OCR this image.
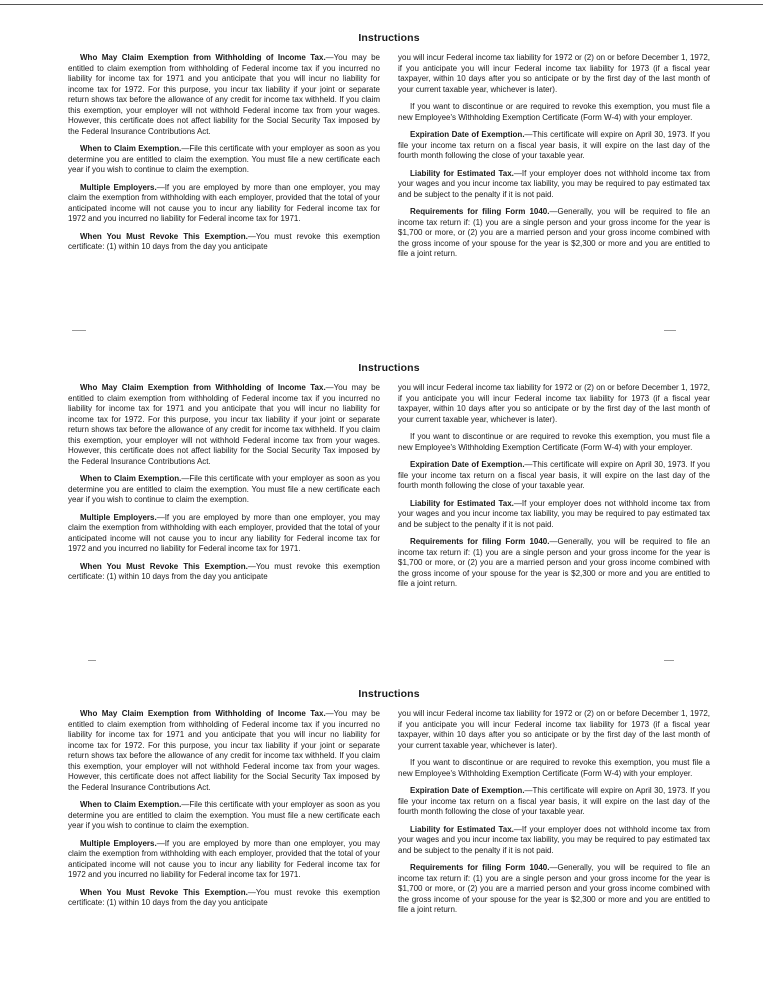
Instructions

Who May Claim Exemption from Withholding of Income Tax.—You may be entitled to claim exemption from withholding of Federal income tax if you incurred no liability for income tax for 1971 and you anticipate that you will incur no liability for income tax for 1972. For this purpose, you incur tax liability if your joint or separate return shows tax before the allowance of any credit for income tax withheld. If you claim this exemption, your employer will not withhold Federal income tax from your wages. However, this certificate does not affect liability for the Social Security Tax imposed by the Federal Insurance Contributions Act.

When to Claim Exemption.—File this certificate with your employer as soon as you determine you are entitled to claim the exemption. You must file a new certificate each year if you wish to continue to claim the exemption.

Multiple Employers.—If you are employed by more than one employer, you may claim the exemption from withholding with each employer, provided that the total of your anticipated income will not cause you to incur any liability for Federal income tax for 1972 and you incurred no liability for Federal income tax for 1971.

When You Must Revoke This Exemption.—You must revoke this exemption certificate: (1) within 10 days from the day you anticipate

you will incur Federal income tax liability for 1972 or (2) on or before December 1, 1972, if you anticipate you will incur Federal income tax liability for 1973 (if a fiscal year taxpayer, within 10 days after you so anticipate or by the first day of the last month of your current taxable year, whichever is later).

If you want to discontinue or are required to revoke this exemption, you must file a new Employee's Withholding Exemption Certificate (Form W-4) with your employer.

Expiration Date of Exemption.—This certificate will expire on April 30, 1973. If you file your income tax return on a fiscal year basis, it will expire on the last day of the fourth month following the close of your taxable year.

Liability for Estimated Tax.—If your employer does not withhold income tax from your wages and you incur income tax liability, you may be required to pay estimated tax and be subject to the penalty if it is not paid.

Requirements for filing Form 1040.—Generally, you will be required to file an income tax return if: (1) you are a single person and your gross income for the year is $1,700 or more, or (2) you are a married person and your gross income combined with the gross income of your spouse for the year is $2,300 or more and you are entitled to file a joint return.

Instructions

Who May Claim Exemption from Withholding of Income Tax.—You may be entitled to claim exemption from withholding of Federal income tax if you incurred no liability for income tax for 1971 and you anticipate that you will incur no liability for income tax for 1972. For this purpose, you incur tax liability if your joint or separate return shows tax before the allowance of any credit for income tax withheld. If you claim this exemption, your employer will not withhold Federal income tax from your wages. However, this certificate does not affect liability for the Social Security Tax imposed by the Federal Insurance Contributions Act.

When to Claim Exemption.—File this certificate with your employer as soon as you determine you are entitled to claim the exemption. You must file a new certificate each year if you wish to continue to claim the exemption.

Multiple Employers.—If you are employed by more than one employer, you may claim the exemption from withholding with each employer, provided that the total of your anticipated income will not cause you to incur any liability for Federal income tax for 1972 and you incurred no liability for Federal income tax for 1971.

When You Must Revoke This Exemption.—You must revoke this exemption certificate: (1) within 10 days from the day you anticipate

you will incur Federal income tax liability for 1972 or (2) on or before December 1, 1972, if you anticipate you will incur Federal income tax liability for 1973 (if a fiscal year taxpayer, within 10 days after you so anticipate or by the first day of the last month of your current taxable year, whichever is later).

If you want to discontinue or are required to revoke this exemption, you must file a new Employee's Withholding Exemption Certificate (Form W-4) with your employer.

Expiration Date of Exemption.—This certificate will expire on April 30, 1973. If you file your income tax return on a fiscal year basis, it will expire on the last day of the fourth month following the close of your taxable year.

Liability for Estimated Tax.—If your employer does not withhold income tax from your wages and you incur income tax liability, you may be required to pay estimated tax and be subject to the penalty if it is not paid.

Requirements for filing Form 1040.—Generally, you will be required to file an income tax return if: (1) you are a single person and your gross income for the year is $1,700 or more, or (2) you are a married person and your gross income combined with the gross income of your spouse for the year is $2,300 or more and you are entitled to file a joint return.

Instructions

Who May Claim Exemption from Withholding of Income Tax.—You may be entitled to claim exemption from withholding of Federal income tax if you incurred no liability for income tax for 1971 and you anticipate that you will incur no liability for income tax for 1972. For this purpose, you incur tax liability if your joint or separate return shows tax before the allowance of any credit for income tax withheld. If you claim this exemption, your employer will not withhold Federal income tax from your wages. However, this certificate does not affect liability for the Social Security Tax imposed by the Federal Insurance Contributions Act.

When to Claim Exemption.—File this certificate with your employer as soon as you determine you are entitled to claim the exemption. You must file a new certificate each year if you wish to continue to claim the exemption.

Multiple Employers.—If you are employed by more than one employer, you may claim the exemption from withholding with each employer, provided that the total of your anticipated income will not cause you to incur any liability for Federal income tax for 1972 and you incurred no liability for Federal income tax for 1971.

When You Must Revoke This Exemption.—You must revoke this exemption certificate: (1) within 10 days from the day you anticipate

you will incur Federal income tax liability for 1972 or (2) on or before December 1, 1972, if you anticipate you will incur Federal income tax liability for 1973 (if a fiscal year taxpayer, within 10 days after you so anticipate or by the first day of the last month of your current taxable year, whichever is later).

If you want to discontinue or are required to revoke this exemption, you must file a new Employee's Withholding Exemption Certificate (Form W-4) with your employer.

Expiration Date of Exemption.—This certificate will expire on April 30, 1973. If you file your income tax return on a fiscal year basis, it will expire on the last day of the fourth month following the close of your taxable year.

Liability for Estimated Tax.—If your employer does not withhold income tax from your wages and you incur income tax liability, you may be required to pay estimated tax and be subject to the penalty if it is not paid.

Requirements for filing Form 1040.—Generally, you will be required to file an income tax return if: (1) you are a single person and your gross income for the year is $1,700 or more, or (2) you are a married person and your gross income combined with the gross income of your spouse for the year is $2,300 or more and you are entitled to file a joint return.
